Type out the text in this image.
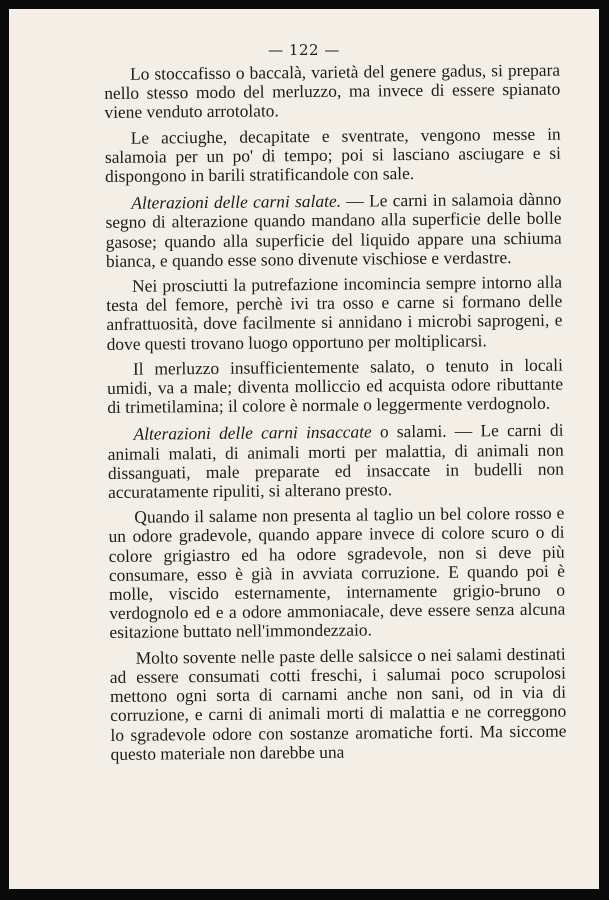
— 122 —

Lo stoccafisso o baccalà, varietà del genere gadus, si prepara nello stesso modo del merluzzo, ma invece di essere spianato viene venduto arrotolato.

Le acciughe, decapitate e sventrate, vengono messe in salamoia per un po' di tempo; poi si lasciano asciugare e si dispongono in barili stratificandole con sale.

Alterazioni delle carni salate. — Le carni in salamoia dànno segno di alterazione quando mandano alla superficie delle bolle gasose; quando alla superficie del liquido appare una schiuma bianca, e quando esse sono divenute vischiose e verdastre.

Nei prosciutti la putrefazione incomincia sempre intorno alla testa del femore, perchè ivi tra osso e carne si formano delle anfrattuosità, dove facilmente si annidano i microbi saprogeni, e dove questi trovano luogo opportuno per moltiplicarsi.

Il merluzzo insufficientemente salato, o tenuto in locali umidi, va a male; diventa molliccio ed acquista odore ributtante di trimetilamina; il colore è normale o leggermente verdognolo.

Alterazioni delle carni insaccate o salami. — Le carni di animali malati, di animali morti per malattia, di animali non dissanguati, male preparate ed insaccate in budelli non accuratamente ripuliti, si alterano presto.

Quando il salame non presenta al taglio un bel colore rosso e un odore gradevole, quando appare invece di colore scuro o di colore grigiastro ed ha odore sgradevole, non si deve più consumare, esso è già in avviata corruzione. E quando poi è molle, viscido esternamente, internamente grigio-bruno o verdognolo ed e a odore ammoniacale, deve essere senza alcuna esitazione buttato nell'immondezzaio.

Molto sovente nelle paste delle salsicce o nei salami destinati ad essere consumati cotti freschi, i salumai poco scrupolosi mettono ogni sorta di carnami anche non sani, od in via di corruzione, e carni di animali morti di malattia e ne correggono lo sgradevole odore con sostanze aromatiche forti. Ma siccome questo materiale non darebbe una
